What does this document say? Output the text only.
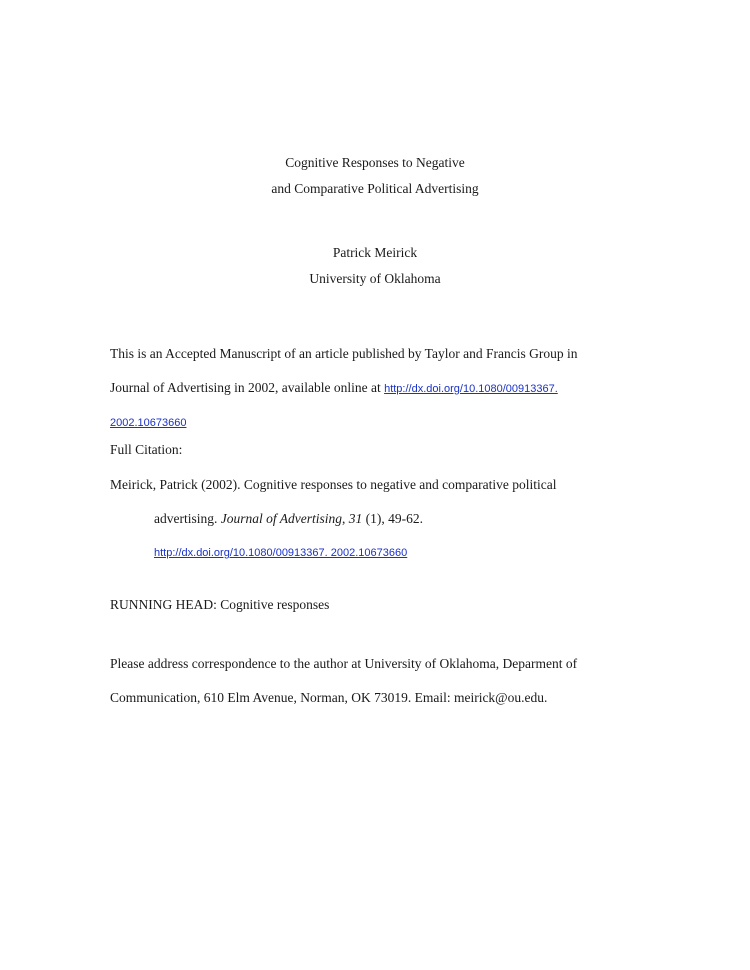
Cognitive Responses to Negative
and Comparative Political Advertising
Patrick Meirick
University of Oklahoma
This is an Accepted Manuscript of an article published by Taylor and Francis Group in
Journal of Advertising in 2002, available online at http://dx.doi.org/10.1080/00913367.
2002.10673660
Full Citation:
Meirick, Patrick (2002). Cognitive responses to negative and comparative political
advertising. Journal of Advertising, 31 (1), 49-62.
http://dx.doi.org/10.1080/00913367. 2002.10673660
RUNNING HEAD: Cognitive responses
Please address correspondence to the author at University of Oklahoma, Deparment of
Communication, 610 Elm Avenue, Norman, OK 73019. Email: meirick@ou.edu.
